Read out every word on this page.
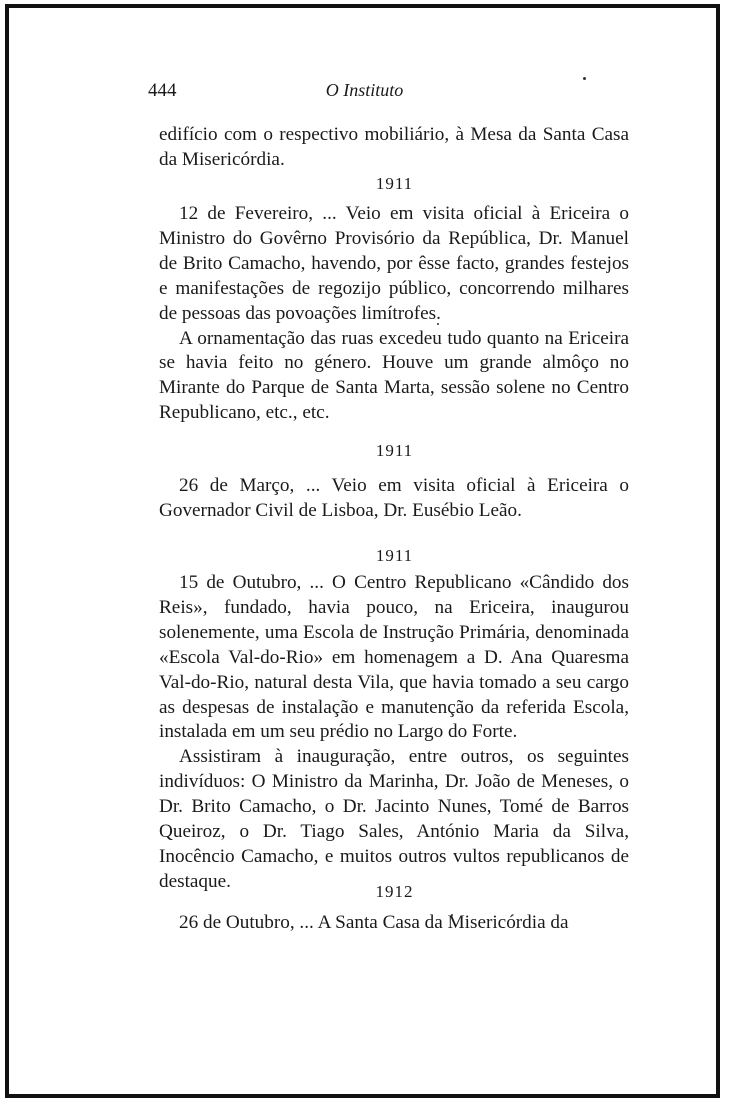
444	O Instituto

edifício com o respectivo mobiliário, à Mesa da Santa Casa da Misericórdia.

1911

12 de Fevereiro, ... Veio em visita oficial à Ericeira o Ministro do Govêrno Provisório da República, Dr. Manuel de Brito Camacho, havendo, por êsse facto, grandes festejos e manifestações de regozijo público, concorrendo milhares de pessoas das povoações limítrofes.

A ornamentação das ruas excedeu tudo quanto na Ericeira se havia feito no género. Houve um grande almôço no Mirante do Parque de Santa Marta, sessão solene no Centro Republicano, etc., etc.

1911

26 de Março, ... Veio em visita oficial à Ericeira o Governador Civil de Lisboa, Dr. Eusébio Leão.

1911

15 de Outubro, ... O Centro Republicano «Cândido dos Reis», fundado, havia pouco, na Ericeira, inaugurou solenemente, uma Escola de Instrução Primária, denominada «Escola Val-do-Rio» em homenagem a D. Ana Quaresma Val-do-Rio, natural desta Vila, que havia tomado a seu cargo as despesas de instalação e manutenção da referida Escola, instalada em um seu prédio no Largo do Forte.

Assistiram à inauguração, entre outros, os seguintes indivíduos: O Ministro da Marinha, Dr. João de Meneses, o Dr. Brito Camacho, o Dr. Jacinto Nunes, Tomé de Barros Queiroz, o Dr. Tiago Sales, António Maria da Silva, Inocêncio Camacho, e muitos outros vultos republicanos de destaque.	1912

26 de Outubro, ... A Santa Casa da Misericórdia da
